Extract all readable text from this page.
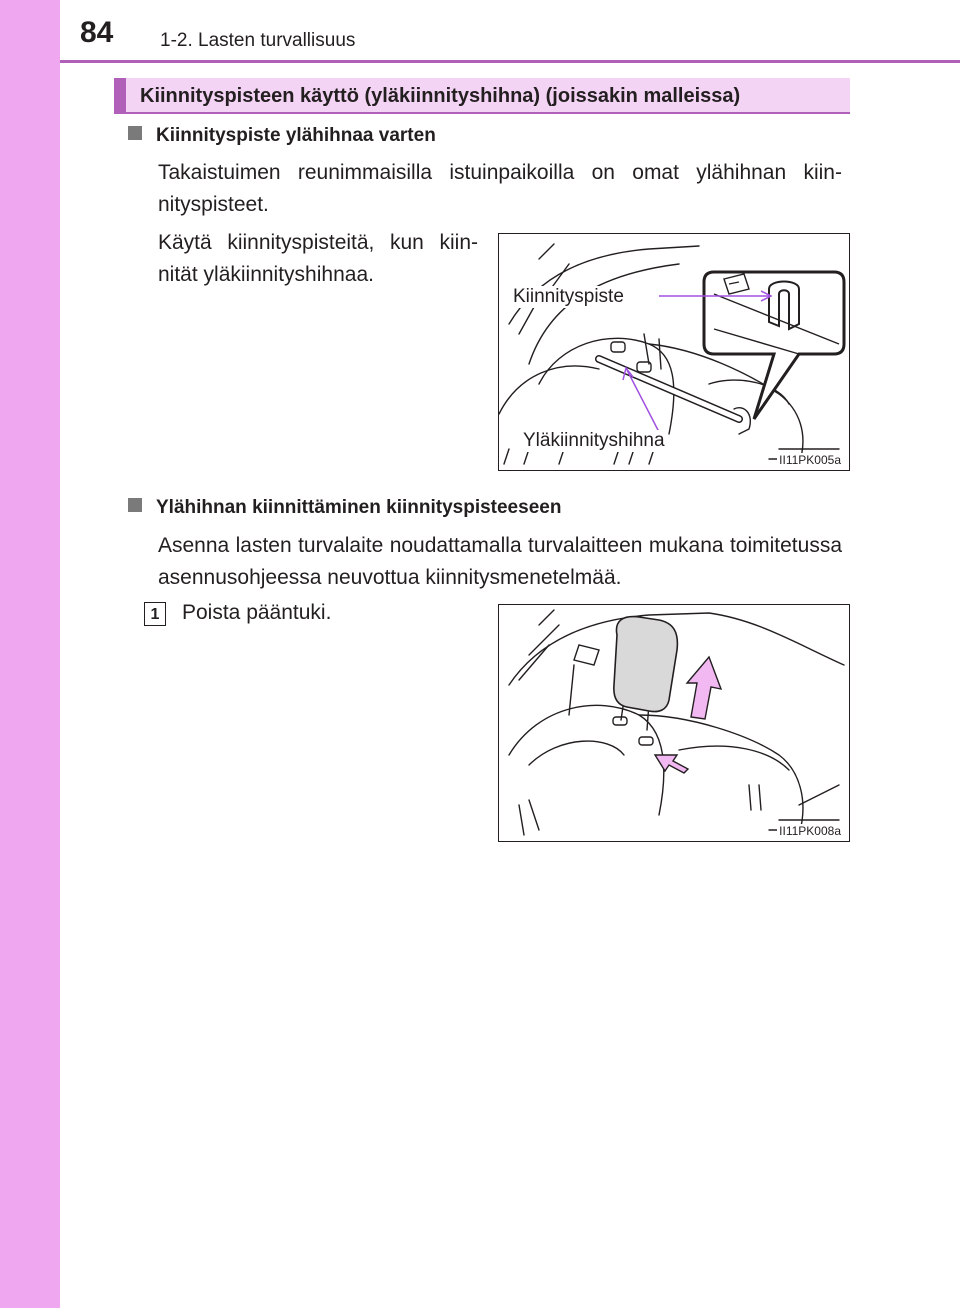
84 1-2. Lasten turvallisuus
Kiinnityspisteen käyttö (yläkiinnityshihna) (joissakin malleissa)
Kiinnityspiste ylähihnaa varten
Takaistuimen reunimmaisilla istuinpaikoilla on omat ylähihnan kiinnityspisteet.
Käytä kiinnityspisteitä, kun kiinnität yläkiinnityshihnaa.
Kiinnityspiste
Yläkiinnityshihna
II11PK005a
Ylähihnan kiinnittäminen kiinnityspisteeseen
Asenna lasten turvalaite noudattamalla turvalaitteen mukana toimitetussa asennusohjeessa neuvottua kiinnitysmenetelmää.
1	Poista pääntuki.
II11PK008a
